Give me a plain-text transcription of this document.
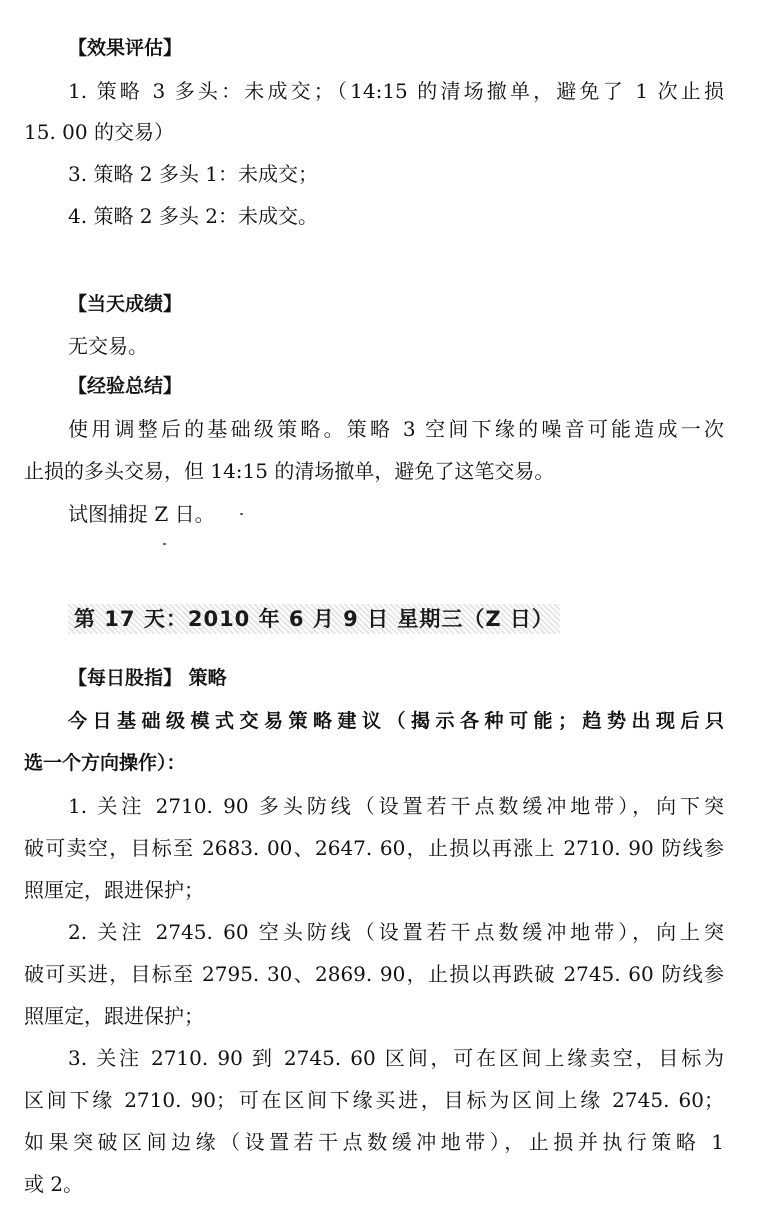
【效果评估】
1. 策略 3 多头：未成交；（14:15 的清场撤单，避免了 1 次止损
15. 00 的交易）
3. 策略 2 多头 1：未成交；
4. 策略 2 多头 2：未成交。
【当天成绩】
无交易。
【经验总结】
使用调整后的基础级策略。策略 3 空间下缘的噪音可能造成一次
止损的多头交易，但 14:15 的清场撤单，避免了这笔交易。
试图捕捉 Z 日。
第 17 天：2010 年 6 月 9 日 星期三（Z 日）
【每日股指】 策略
今日基础级模式交易策略建议（揭示各种可能；趋势出现后只
选一个方向操作）：
1. 关注 2710. 90 多头防线（设置若干点数缓冲地带），向下突
破可卖空，目标至 2683. 00、2647. 60，止损以再涨上 2710. 90 防线参
照厘定，跟进保护；
2. 关注 2745. 60 空头防线（设置若干点数缓冲地带），向上突
破可买进，目标至 2795. 30、2869. 90，止损以再跌破 2745. 60 防线参
照厘定，跟进保护；
3. 关注 2710. 90 到 2745. 60 区间，可在区间上缘卖空，目标为
区间下缘 2710. 90；可在区间下缘买进，目标为区间上缘 2745. 60；
如果突破区间边缘（设置若干点数缓冲地带），止损并执行策略 1
或 2。
